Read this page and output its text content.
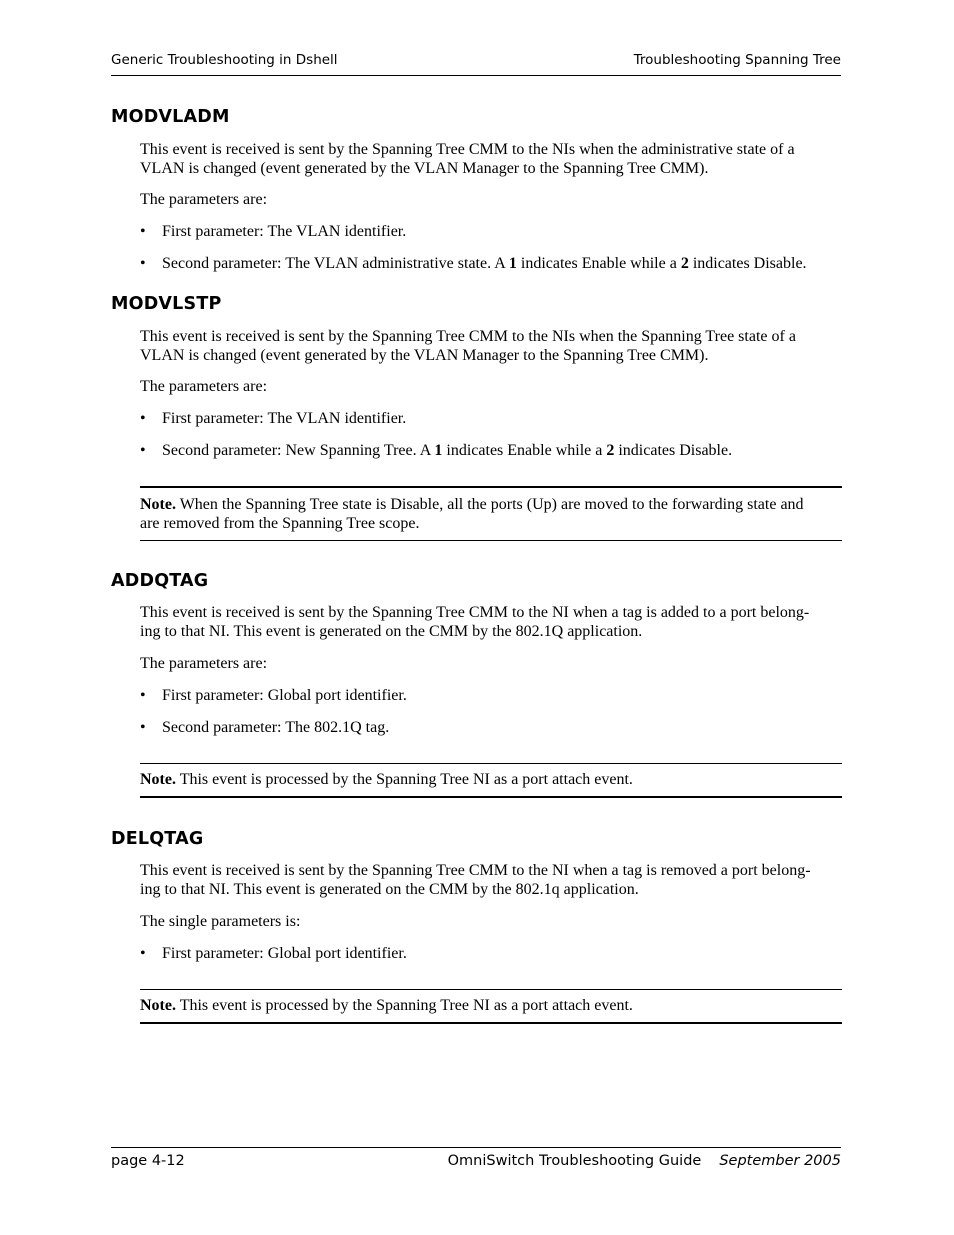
Generic Troubleshooting in Dshell	Troubleshooting Spanning Tree
MODVLADM
This event is received is sent by the Spanning Tree CMM to the NIs when the administrative state of a
VLAN is changed (event generated by the VLAN Manager to the Spanning Tree CMM).

The parameters are:

•	First parameter: The VLAN identifier.
•	Second parameter: The VLAN administrative state. A 1 indicates Enable while a 2 indicates Disable.
MODVLSTP
This event is received is sent by the Spanning Tree CMM to the NIs when the Spanning Tree state of a
VLAN is changed (event generated by the VLAN Manager to the Spanning Tree CMM).

The parameters are:

•	First parameter: The VLAN identifier.
•	Second parameter: New Spanning Tree. A 1 indicates Enable while a 2 indicates Disable.
Note. When the Spanning Tree state is Disable, all the ports (Up) are moved to the forwarding state and
are removed from the Spanning Tree scope.
ADDQTAG
This event is received is sent by the Spanning Tree CMM to the NI when a tag is added to a port belong-
ing to that NI. This event is generated on the CMM by the 802.1Q application.

The parameters are:

•	First parameter: Global port identifier.
•	Second parameter: The 802.1Q tag.
Note. This event is processed by the Spanning Tree NI as a port attach event.
DELQTAG
This event is received is sent by the Spanning Tree CMM to the NI when a tag is removed a port belong-
ing to that NI. This event is generated on the CMM by the 802.1q application.

The single parameters is:

•	First parameter: Global port identifier.
Note. This event is processed by the Spanning Tree NI as a port attach event.
page 4-12	OmniSwitch Troubleshooting Guide September 2005
